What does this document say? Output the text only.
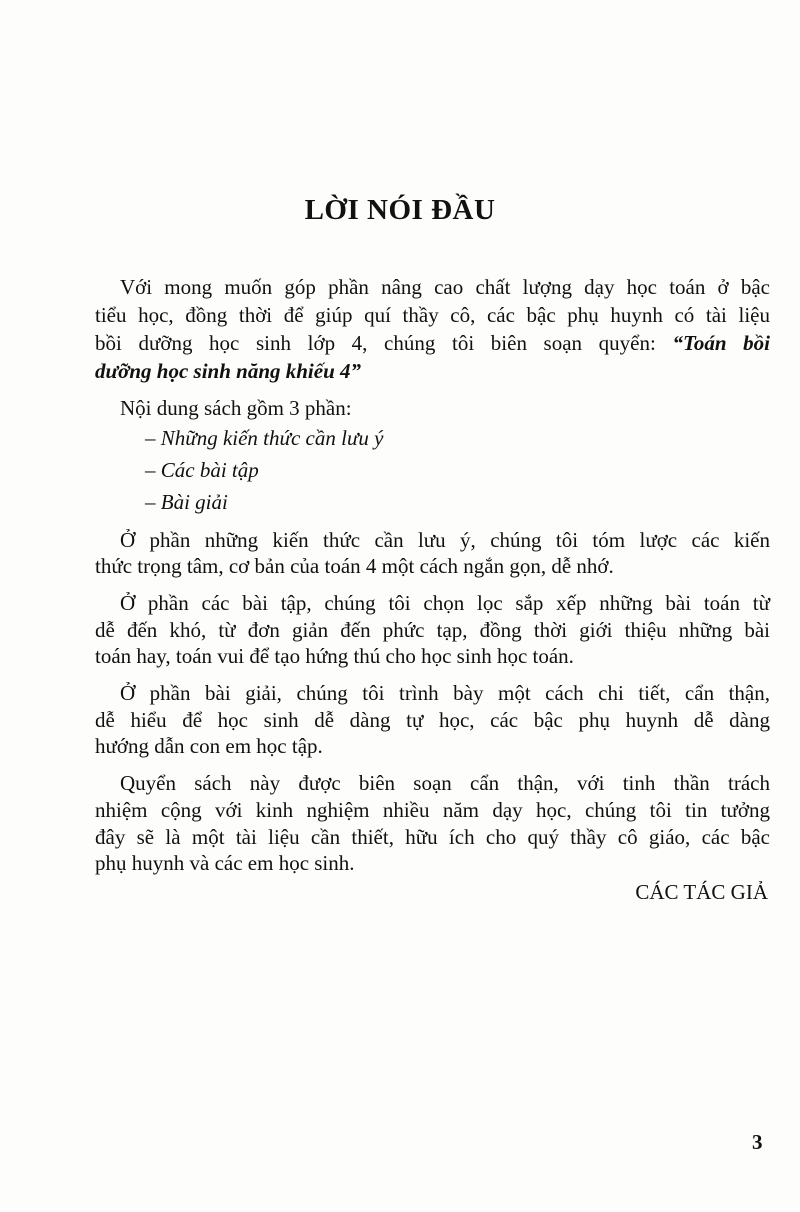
LỜI NÓI ĐẦU
Với mong muốn góp phần nâng cao chất lượng dạy học toán ở bậc
tiểu học, đồng thời để giúp quí thầy cô, các bậc phụ huynh có tài liệu
bồi dưỡng học sinh lớp 4, chúng tôi biên soạn quyển: “Toán bồi
dưỡng học sinh năng khiếu 4”
Nội dung sách gồm 3 phần:
– Những kiến thức cần lưu ý
– Các bài tập
– Bài giải
Ở phần những kiến thức cần lưu ý, chúng tôi tóm lược các kiến
thức trọng tâm, cơ bản của toán 4 một cách ngắn gọn, dễ nhớ.
Ở phần các bài tập, chúng tôi chọn lọc sắp xếp những bài toán từ
dễ đến khó, từ đơn giản đến phức tạp, đồng thời giới thiệu những bài
toán hay, toán vui để tạo hứng thú cho học sinh học toán.
Ở phần bài giải, chúng tôi trình bày một cách chi tiết, cẩn thận,
dễ hiểu để học sinh dễ dàng tự học, các bậc phụ huynh dễ dàng
hướng dẫn con em học tập.
Quyển sách này được biên soạn cẩn thận, với tinh thần trách
nhiệm cộng với kinh nghiệm nhiều năm dạy học, chúng tôi tin tưởng
đây sẽ là một tài liệu cần thiết, hữu ích cho quý thầy cô giáo, các bậc
phụ huynh và các em học sinh.
CÁC TÁC GIẢ
3
